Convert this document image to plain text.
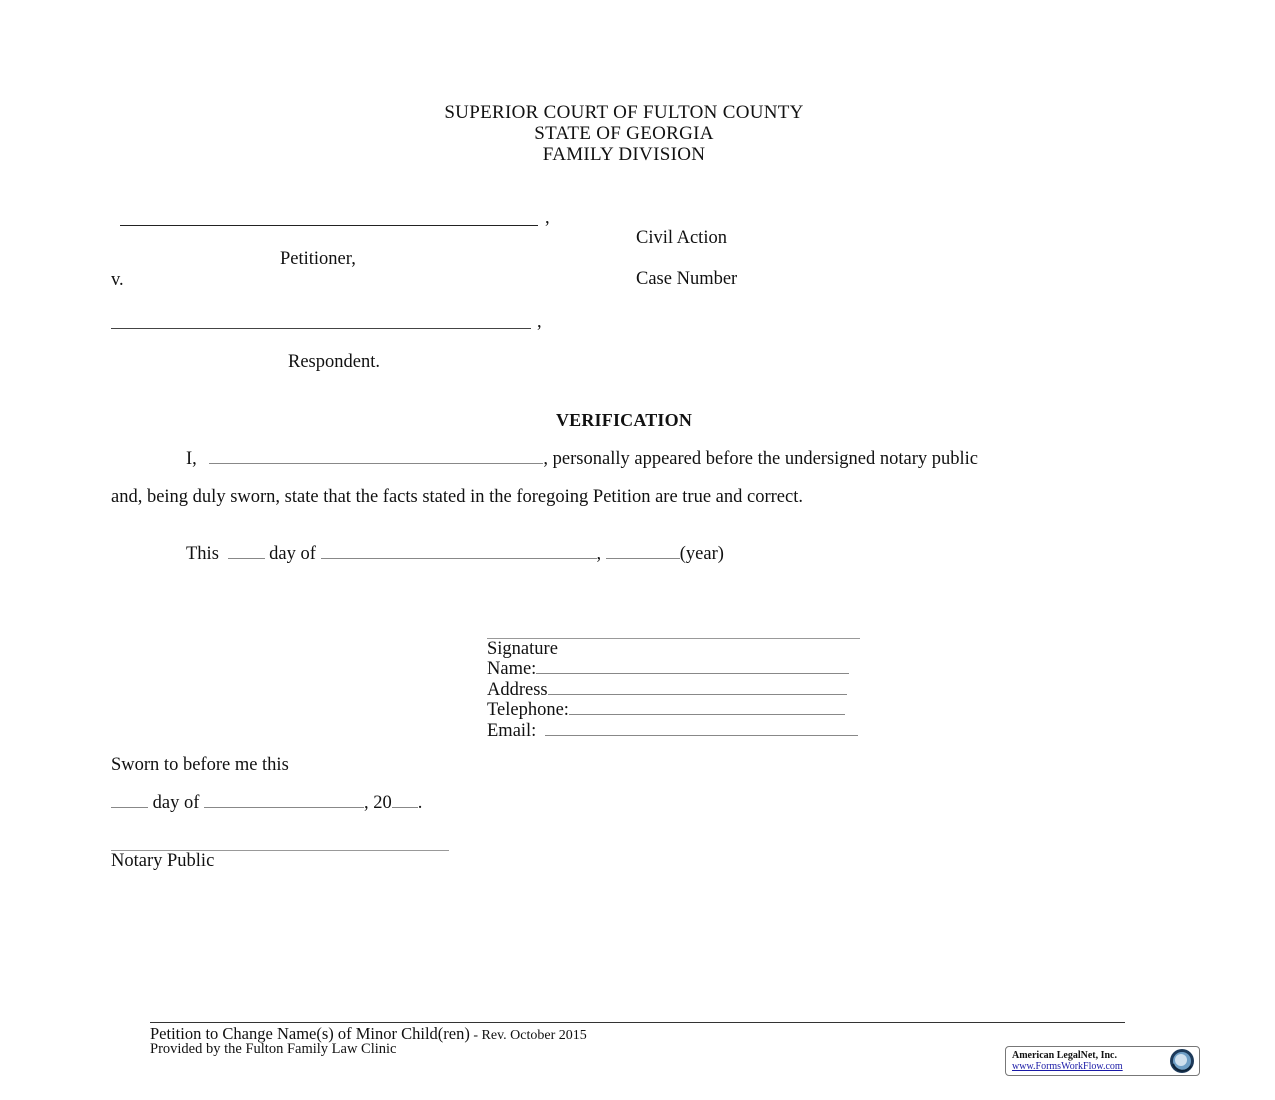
SUPERIOR COURT OF FULTON COUNTY
STATE OF GEORGIA
FAMILY DIVISION
,
Civil Action
Petitioner,
v.	Case Number
,
Respondent.
VERIFICATION
I,	, personally appeared before the undersigned notary public
and, being duly sworn, state that the facts stated in the foregoing Petition are true and correct.
This	day of	,	(year)
Signature
Name:
Address
Telephone:
Email:
Sworn to before me this
day of	, 20 .
Notary Public
Petition to Change Name(s) of Minor Child(ren) - Rev. October 2015
Provided by the Fulton Family Law Clinic	American LegalNet, Inc.
www.FormsWorkFlow.com
